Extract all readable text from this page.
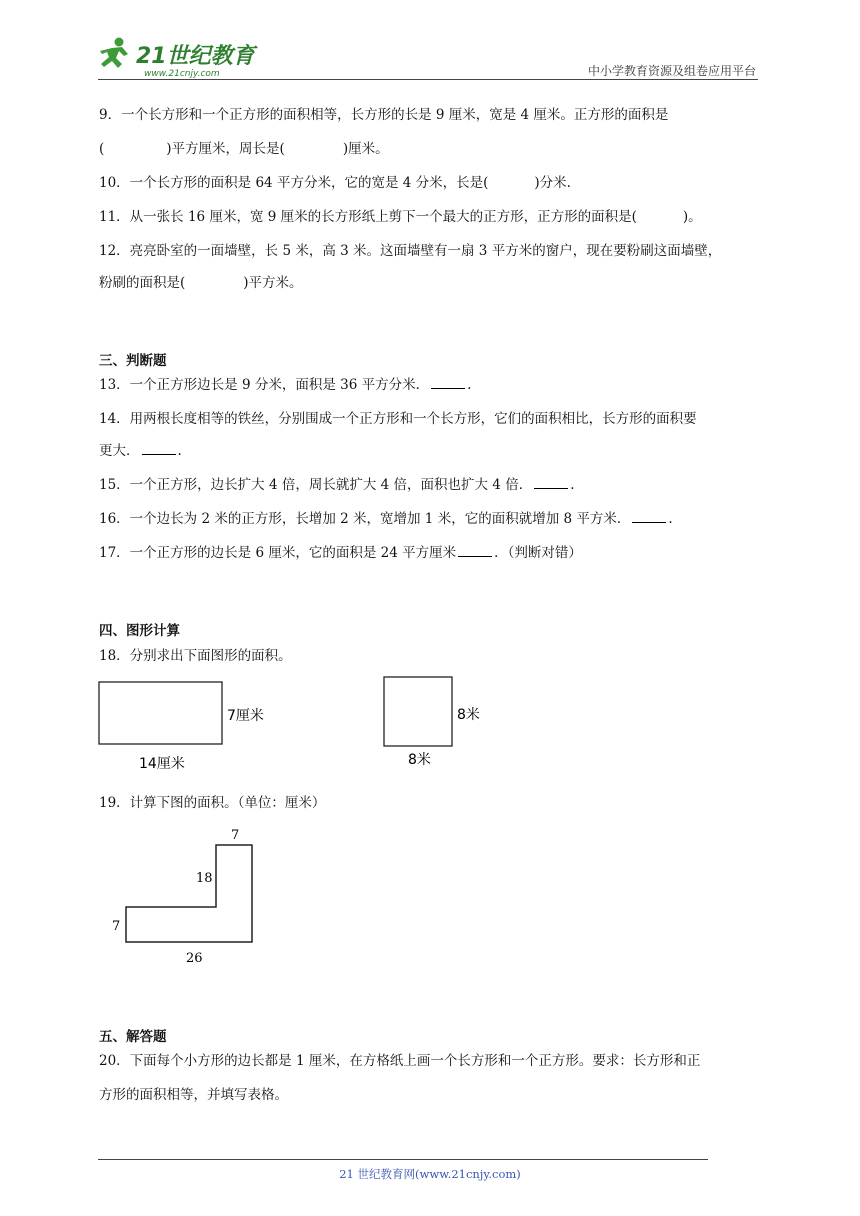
21世纪教育
www.21cnjy.com	中小学教育资源及组卷应用平台
9．一个长方形和一个正方形的面积相等，长方形的长是 9 厘米，宽是 4 厘米。正方形的面积是
(	)平方厘米，周长是(	)厘米。
10．一个长方形的面积是 64 平方分米，它的宽是 4 分米，长是(	)分米.
11．从一张长 16 厘米，宽 9 厘米的长方形纸上剪下一个最大的正方形，正方形的面积是(	)。
12．亮亮卧室的一面墙壁，长 5 米，高 3 米。这面墙壁有一扇 3 平方米的窗户，现在要粉刷这面墙壁，
粉刷的面积是(	)平方米。
三、判断题
13．一个正方形边长是 9 分米，面积是 36 平方分米．	.
14．用两根长度相等的铁丝，分别围成一个正方形和一个长方形，它们的面积相比，长方形的面积要
更大．	.
15．一个正方形，边长扩大 4 倍，周长就扩大 4 倍，面积也扩大 4 倍．	.
16．一个边长为 2 米的正方形，长增加 2 米，宽增加 1 米，它的面积就增加 8 平方米．	.
17．一个正方形的边长是 6 厘米，它的面积是 24 平方厘米	．（判断对错）
四、图形计算
18．分别求出下面图形的面积。
7厘米
14厘米
8米
8米
19．计算下图的面积。（单位：厘米）
7
18
7
26
五、解答题
20．下面每个小方形的边长都是 1 厘米，在方格纸上画一个长方形和一个正方形。要求：长方形和正
方形的面积相等，并填写表格。
21 世纪教育网(www.21cnjy.com)
